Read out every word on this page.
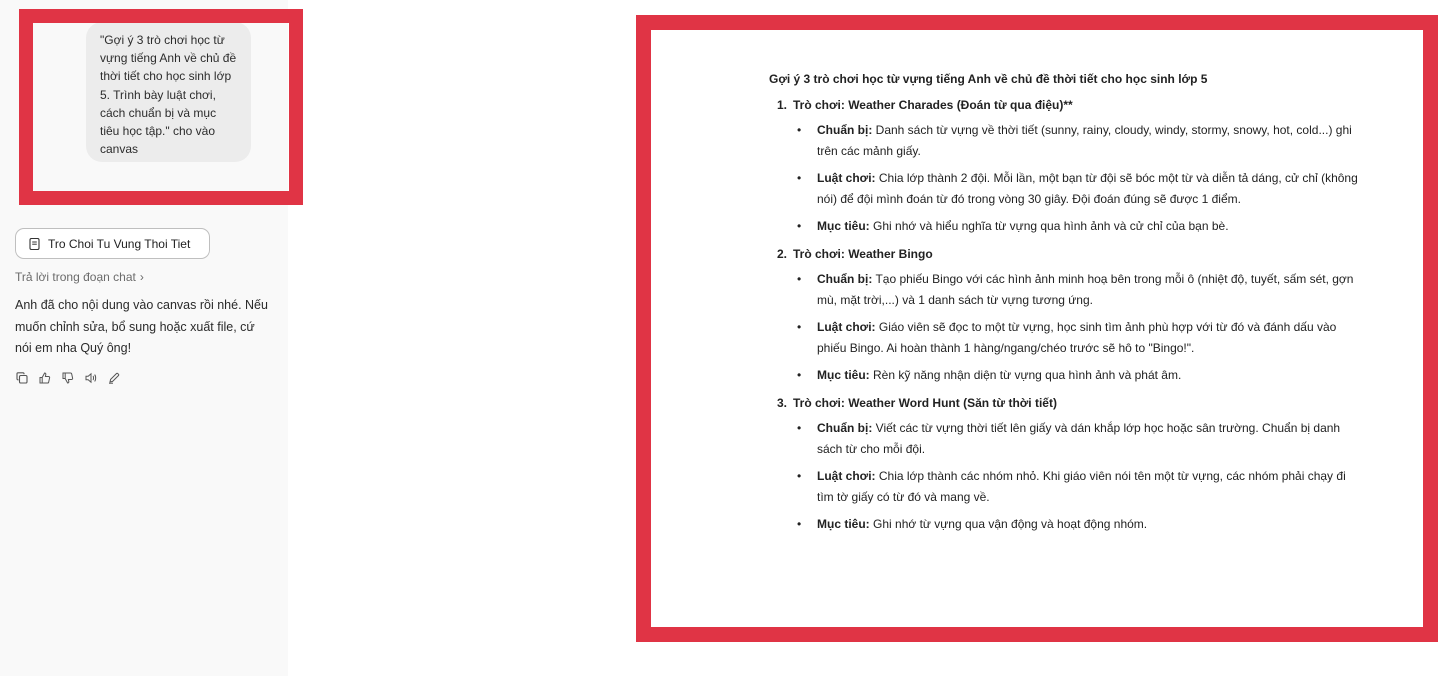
"Gợi ý 3 trò chơi học từ vựng tiếng Anh về chủ đề thời tiết cho học sinh lớp 5. Trình bày luật chơi, cách chuẩn bị và mục tiêu học tập." cho vào canvas
Tro Choi Tu Vung Thoi Tiet
Trả lời trong đoạn chat ›
Anh đã cho nội dung vào canvas rồi nhé. Nếu muốn chỉnh sửa, bổ sung hoặc xuất file, cứ nói em nha Quý ông!
Gợi ý 3 trò chơi học từ vựng tiếng Anh về chủ đề thời tiết cho học sinh lớp 5
1. Trò chơi: Weather Charades (Đoán từ qua điệu)**
• Chuẩn bị: Danh sách từ vựng về thời tiết (sunny, rainy, cloudy, windy, stormy, snowy, hot, cold...) ghi trên các mảnh giấy.
• Luật chơi: Chia lớp thành 2 đội. Mỗi lần, một bạn từ đội sẽ bóc một từ và diễn tả dáng, cử chỉ (không nói) để đội mình đoán từ đó trong vòng 30 giây. Đội đoán đúng sẽ được 1 điểm.
• Mục tiêu: Ghi nhớ và hiểu nghĩa từ vựng qua hình ảnh và cử chỉ của bạn bè.
2. Trò chơi: Weather Bingo
• Chuẩn bị: Tạo phiếu Bingo với các hình ảnh minh hoạ bên trong mỗi ô (nhiệt độ, tuyết, sấm sét, gợn mù, mặt trời,...) và 1 danh sách từ vựng tương ứng.
• Luật chơi: Giáo viên sẽ đọc to một từ vựng, học sinh tìm ảnh phù hợp với từ đó và đánh dấu vào phiếu Bingo. Ai hoàn thành 1 hàng/ngang/chéo trước sẽ hô to "Bingo!".
• Mục tiêu: Rèn kỹ năng nhận diện từ vựng qua hình ảnh và phát âm.
3. Trò chơi: Weather Word Hunt (Săn từ thời tiết)
• Chuẩn bị: Viết các từ vựng thời tiết lên giấy và dán khắp lớp học hoặc sân trường. Chuẩn bị danh sách từ cho mỗi đội.
• Luật chơi: Chia lớp thành các nhóm nhỏ. Khi giáo viên nói tên một từ vựng, các nhóm phải chạy đi tìm tờ giấy có từ đó và mang về.
• Mục tiêu: Ghi nhớ từ vựng qua vận động và hoạt động nhóm.
